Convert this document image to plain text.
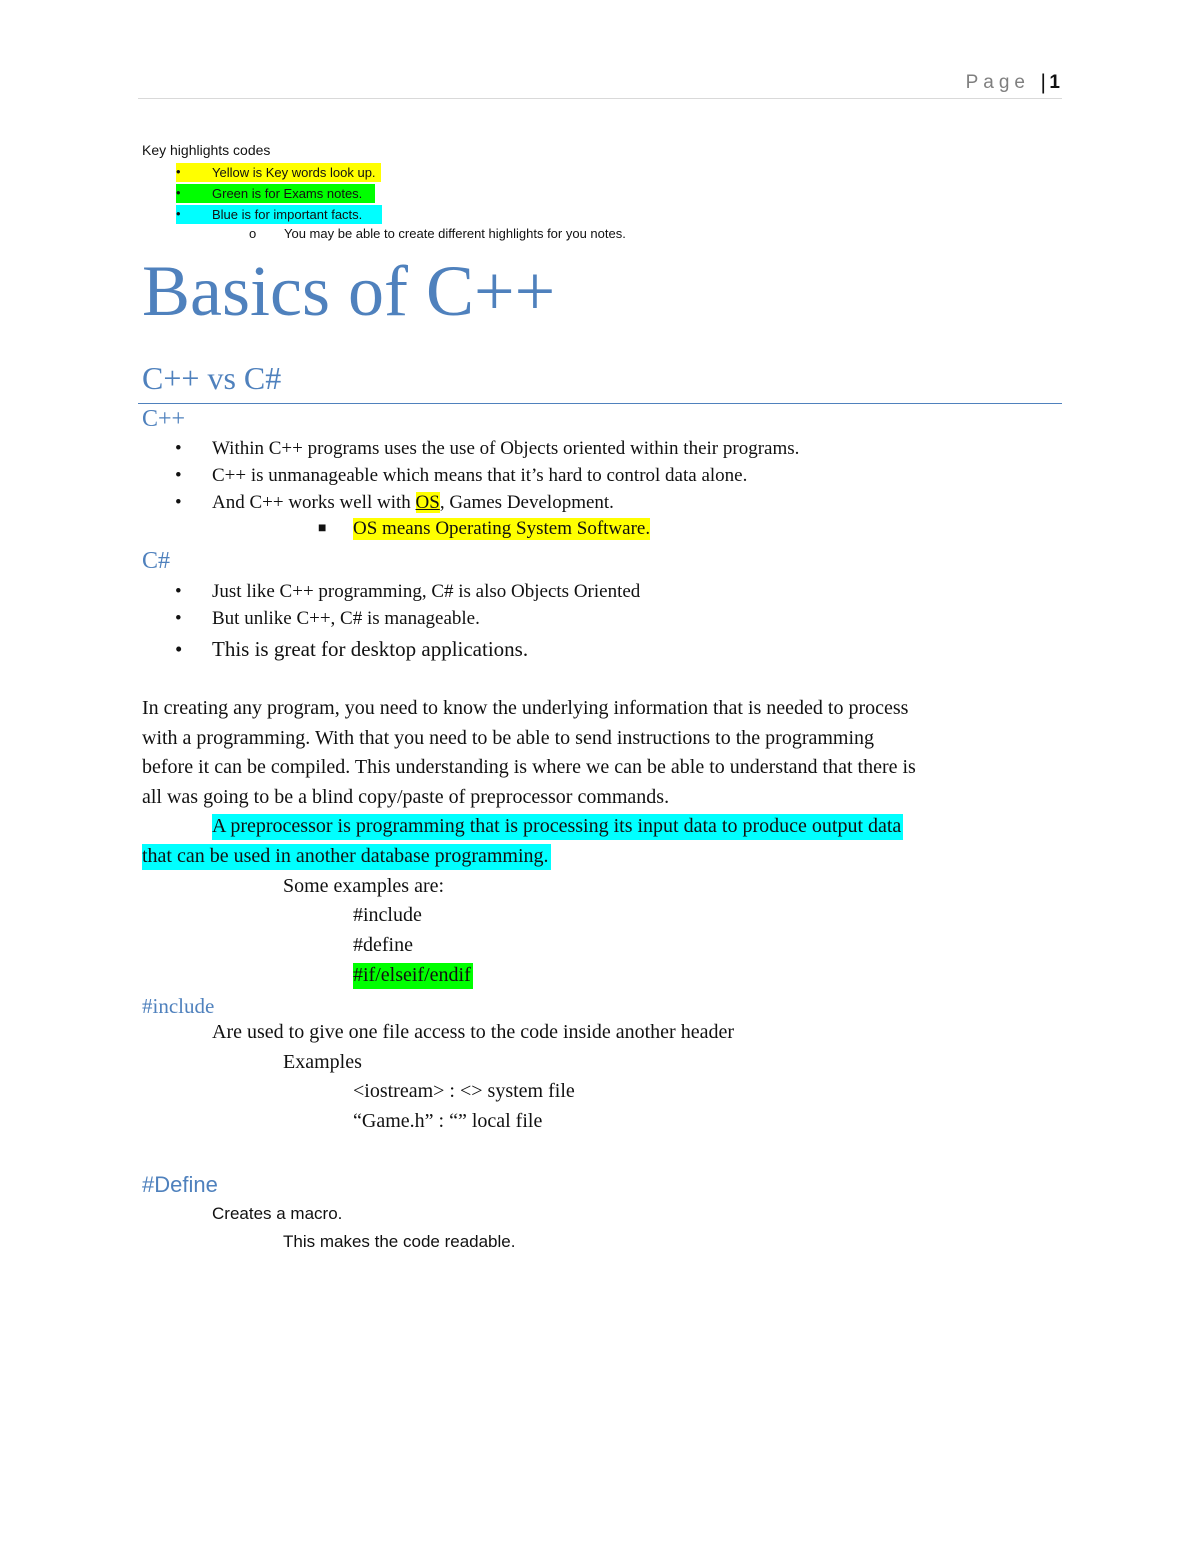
Page | 1
Key highlights codes
• Yellow is Key words look up.
• Green is for Exams notes.
• Blue is for important facts.
o You may be able to create different highlights for you notes.
Basics of C++
C++ vs C#
C++
• Within C++ programs uses the use of Objects oriented within their programs.
• C++ is unmanageable which means that it’s hard to control data alone.
• And C++ works well with OS, Games Development.
■ OS means Operating System Software.
C#
• Just like C++ programming, C# is also Objects Oriented
• But unlike C++, C# is manageable.
• This is great for desktop applications.
In creating any program, you need to know the underlying information that is needed to process
with a programming. With that you need to be able to send instructions to the programming
before it can be compiled. This understanding is where we can be able to understand that there is
all was going to be a blind copy/paste of preprocessor commands.
A preprocessor is programming that is processing its input data to produce output data
that can be used in another database programming.
Some examples are:
#include
#define
#if/elseif/endif
#include
Are used to give one file access to the code inside another header
Examples
<iostream> : <> system file
“Game.h” : “” local file
#Define
Creates a macro.
This makes the code readable.
